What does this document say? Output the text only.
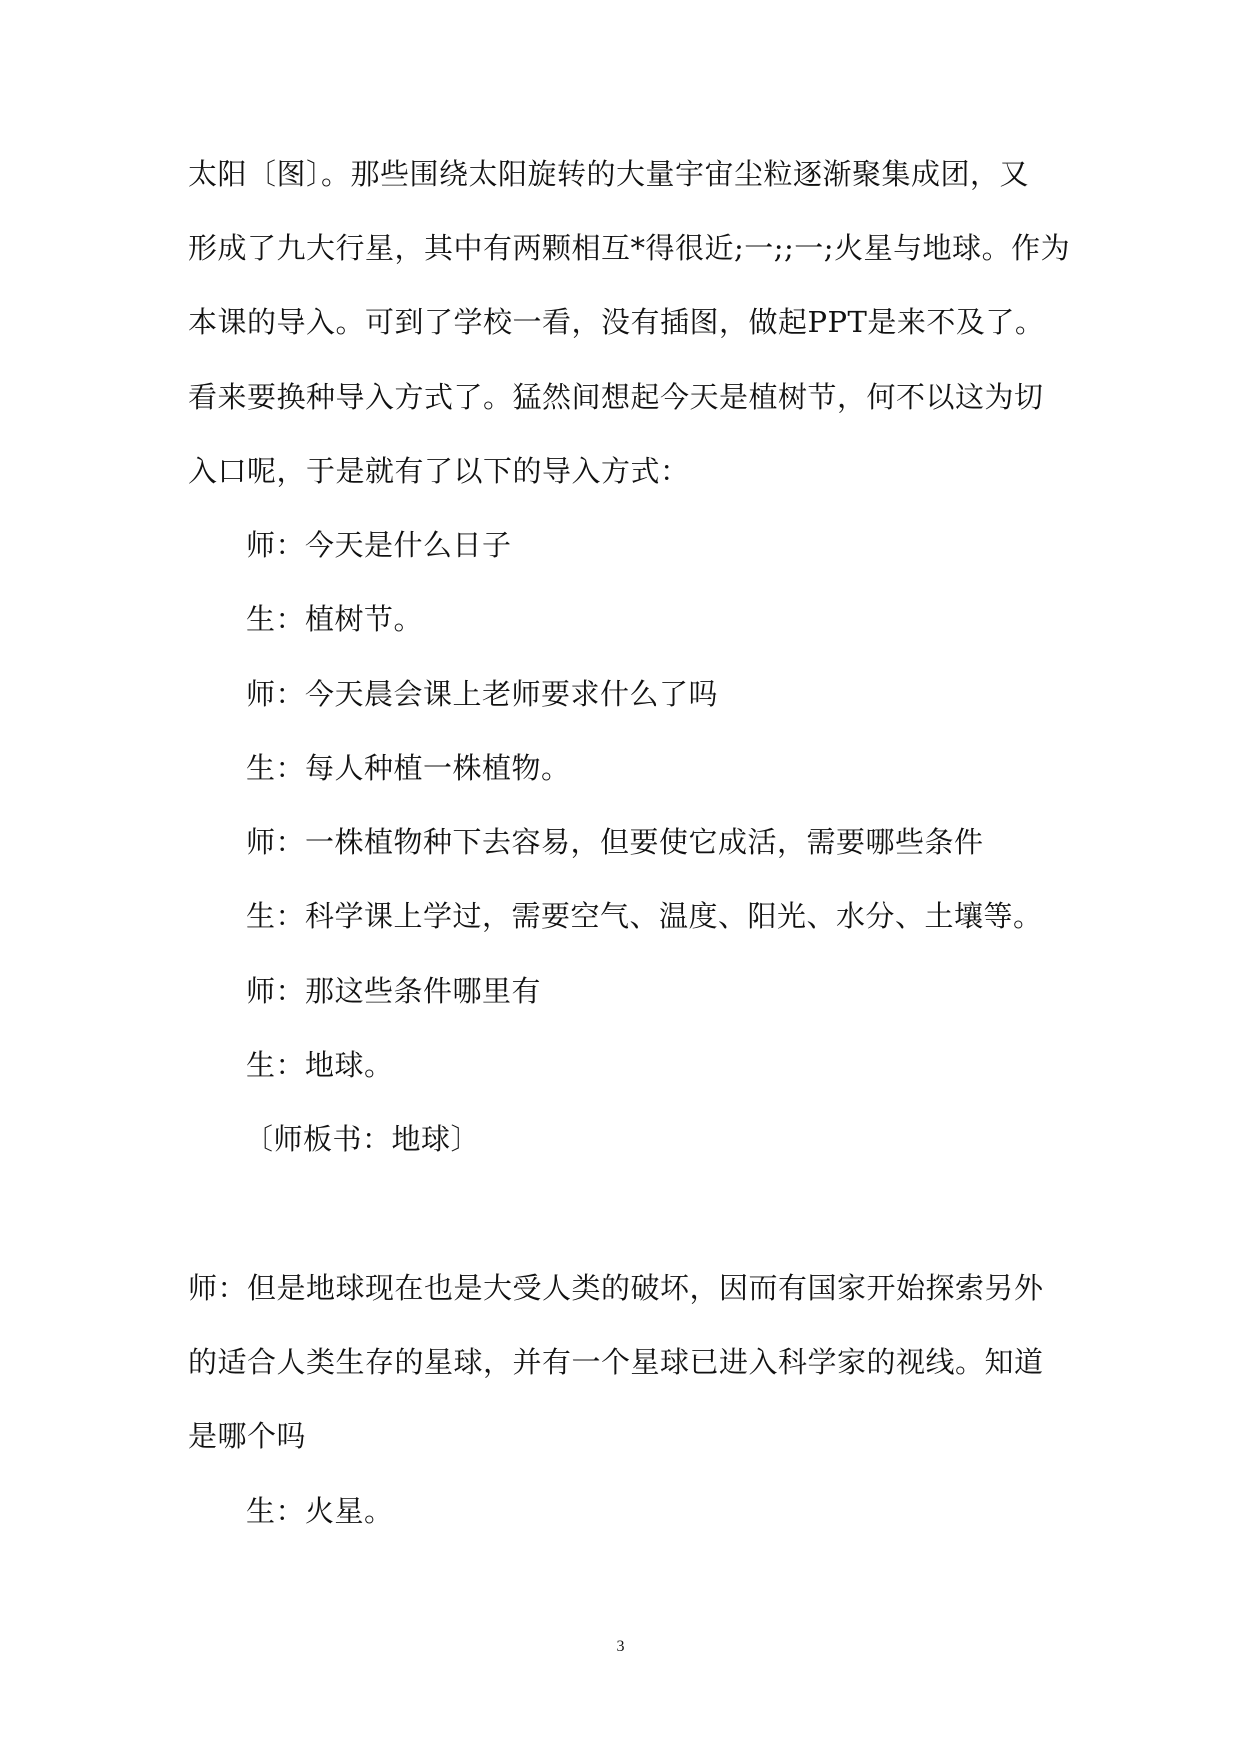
太阳〔图〕。那些围绕太阳旋转的大量宇宙尘粒逐渐聚集成团，又
形成了九大行星，其中有两颗相互*得很近;一;;一;火星与地球。作为
本课的导入。可到了学校一看，没有插图，做起PPT是来不及了。
看来要换种导入方式了。猛然间想起今天是植树节，何不以这为切
入口呢，于是就有了以下的导入方式：
师：今天是什么日子
生：植树节。
师：今天晨会课上老师要求什么了吗
生：每人种植一株植物。
师：一株植物种下去容易，但要使它成活，需要哪些条件
生：科学课上学过，需要空气、温度、阳光、水分、土壤等。
师：那这些条件哪里有
生：地球。
〔师板书：地球〕
师：但是地球现在也是大受人类的破坏，因而有国家开始探索另外
的适合人类生存的星球，并有一个星球已进入科学家的视线。知道
是哪个吗
生：火星。
3
